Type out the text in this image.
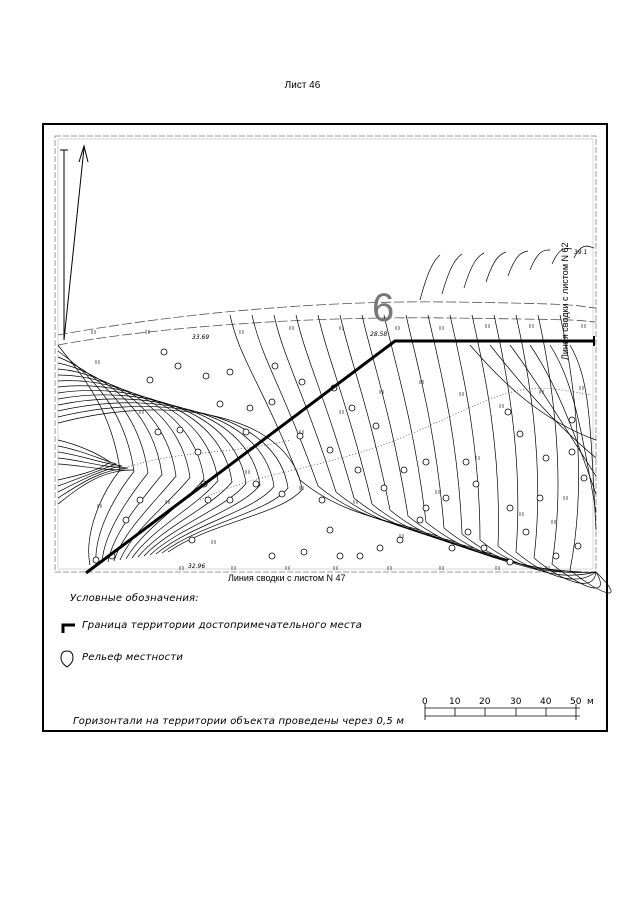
Лист 46
6
39.1
33.69	28.58
32.96
Линия сводки с листом N 47
Линия сводки с листом N 62
Условные обозначения:
Граница территории достопримечательного места
Рельеф местности
Горизонтали на территории объекта проведены через 0,5 м
0 10 20 30 40 50 м
